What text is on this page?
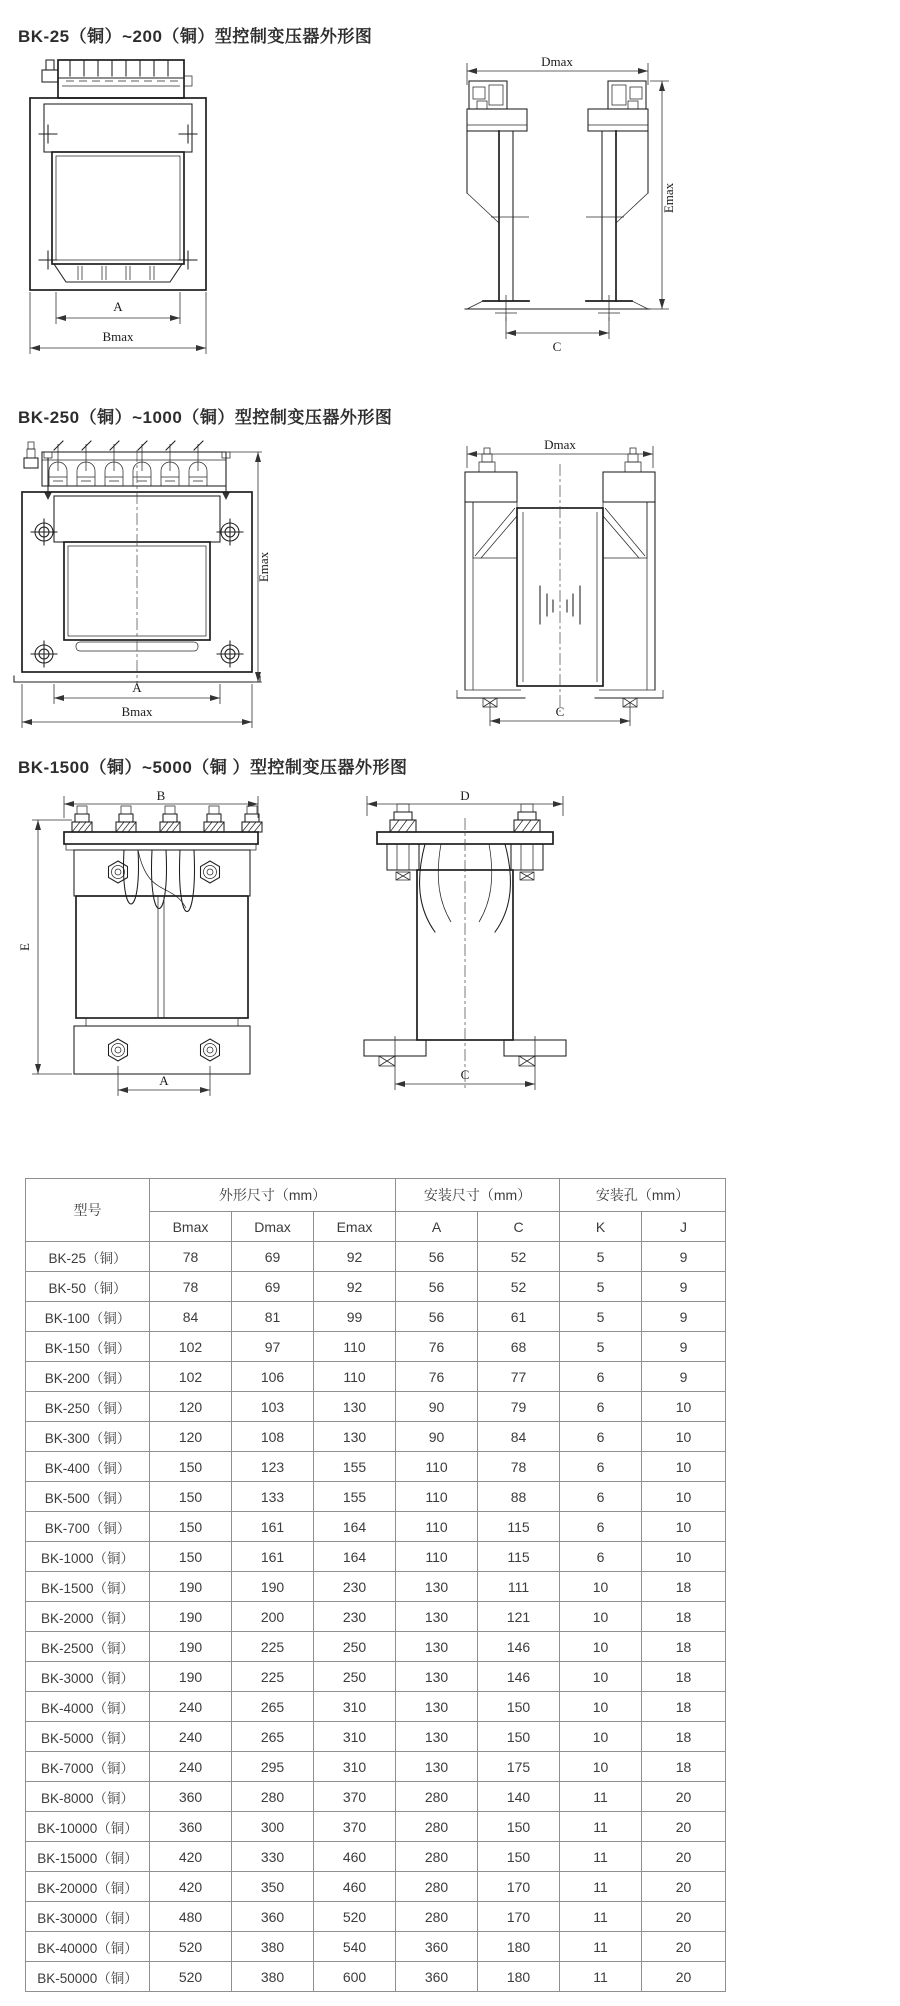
BK-25（铜）~200（铜）型控制变压器外形图
A
Bmax
Dmax
Emax
C
BK-250（铜）~1000（铜）型控制变压器外形图
A
Bmax
Emax
Dmax
C
BK-1500（铜）~5000（铜 ）型控制变压器外形图
B
E
A
D
C
型号	外形尺寸（mm）			安装尺寸（mm）		安装孔（mm）	
	Bmax	Dmax	Emax	A	C	K	J
BK-25（铜）	78	69	92	56	52	5	9
BK-50（铜）	78	69	92	56	52	5	9
BK-100（铜）	84	81	99	56	61	5	9
BK-150（铜）	102	97	110	76	68	5	9
BK-200（铜）	102	106	110	76	77	6	9
BK-250（铜）	120	103	130	90	79	6	10
BK-300（铜）	120	108	130	90	84	6	10
BK-400（铜）	150	123	155	110	78	6	10
BK-500（铜）	150	133	155	110	88	6	10
BK-700（铜）	150	161	164	110	115	6	10
BK-1000（铜）	150	161	164	110	115	6	10
BK-1500（铜）	190	190	230	130	111	10	18
BK-2000（铜）	190	200	230	130	121	10	18
BK-2500（铜）	190	225	250	130	146	10	18
BK-3000（铜）	190	225	250	130	146	10	18
BK-4000（铜）	240	265	310	130	150	10	18
BK-5000（铜）	240	265	310	130	150	10	18
BK-7000（铜）	240	295	310	130	175	10	18
BK-8000（铜）	360	280	370	280	140	11	20
BK-10000（铜）	360	300	370	280	150	11	20
BK-15000（铜）	420	330	460	280	150	11	20
BK-20000（铜）	420	350	460	280	170	11	20
BK-30000（铜）	480	360	520	280	170	11	20
BK-40000（铜）	520	380	540	360	180	11	20
BK-50000（铜）	520	380	600	360	180	11	20
